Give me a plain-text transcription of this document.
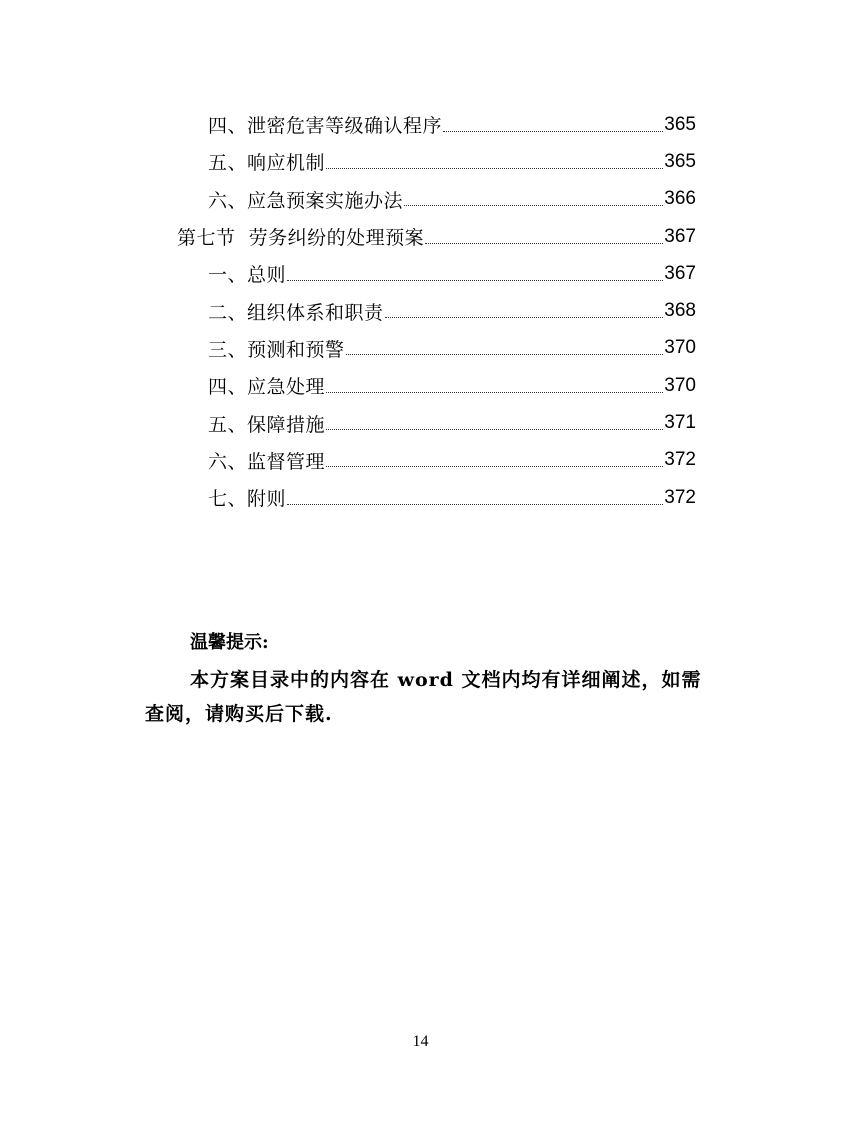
四、泄密危害等级确认程序	365
五、响应机制	365
六、应急预案实施办法	366
第七节  劳务纠纷的处理预案	367
一、总则	367
二、组织体系和职责	368
三、预测和预警	370
四、应急处理	370
五、保障措施	371
六、监督管理	372
七、附则	372
温馨提示:
本方案目录中的内容在 word 文档内均有详细阐述，如需查阅，请购买后下载.
14
